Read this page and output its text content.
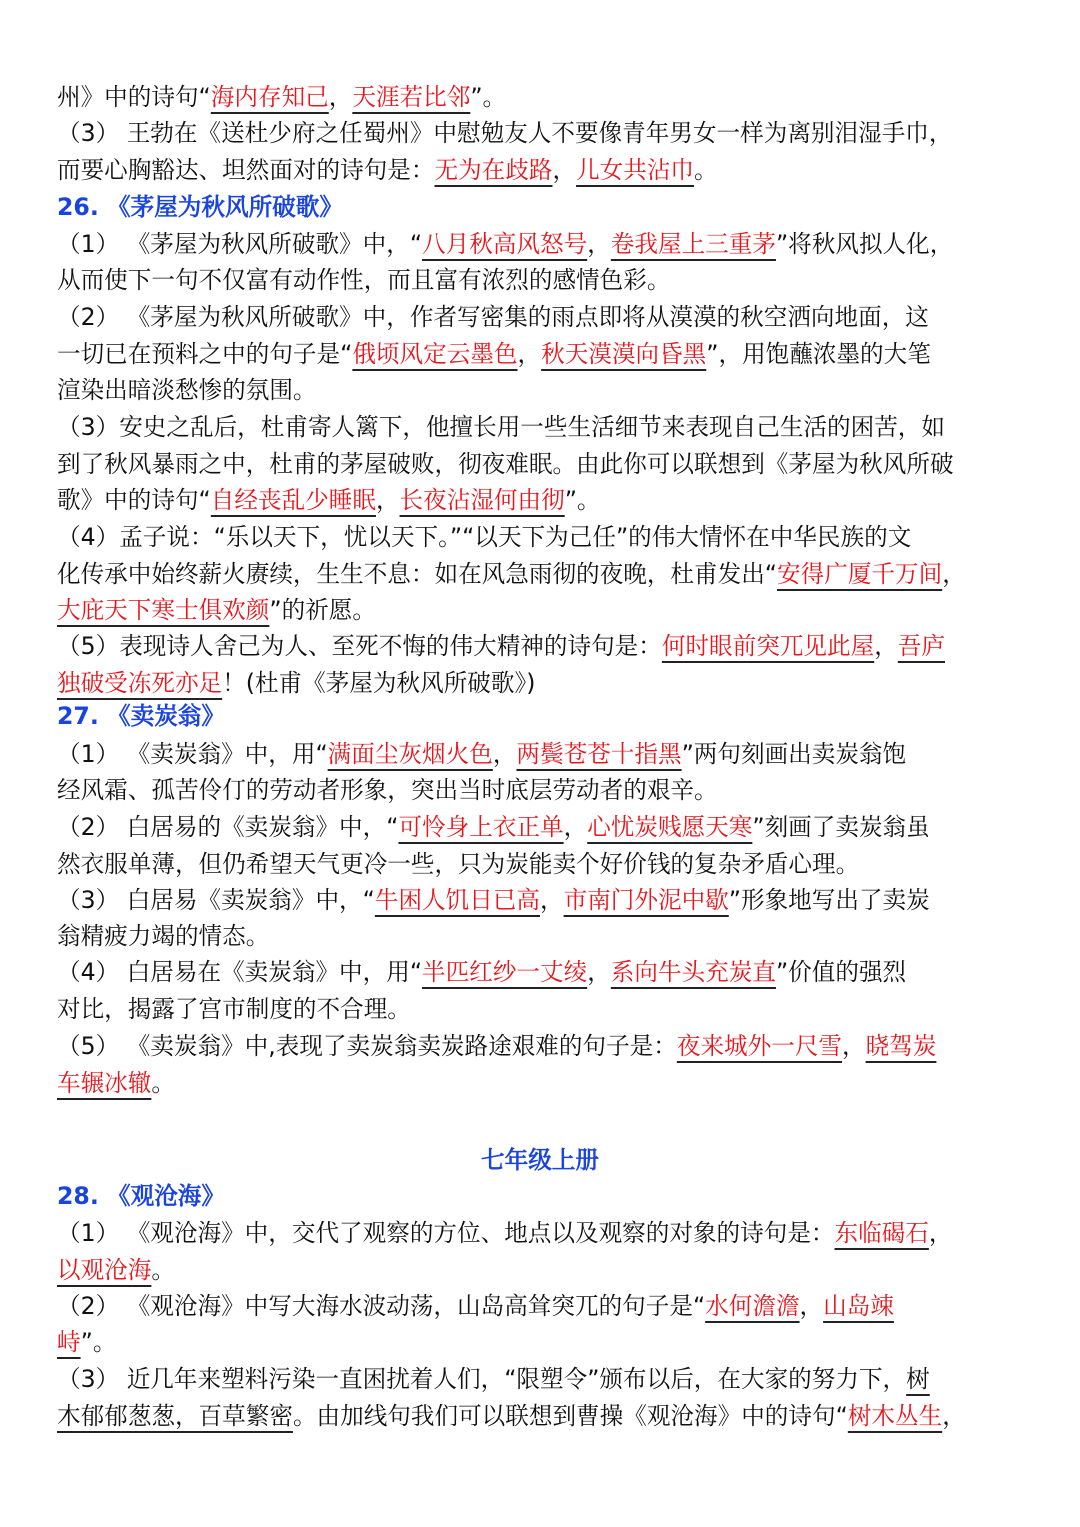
州》中的诗句“海内存知己，天涯若比邻”。
（3） 王勃在《送杜少府之任蜀州》中慰勉友人不要像青年男女一样为离别泪湿手巾，
而要心胸豁达、坦然面对的诗句是：无为在歧路，儿女共沾巾。
26. 《茅屋为秋风所破歌》
（1） 《茅屋为秋风所破歌》中，“八月秋高风怒号，卷我屋上三重茅”将秋风拟人化，
从而使下一句不仅富有动作性，而且富有浓烈的感情色彩。
（2） 《茅屋为秋风所破歌》中，作者写密集的雨点即将从漠漠的秋空洒向地面，这
一切已在预料之中的句子是“俄顷风定云墨色，秋天漠漠向昏黑”，用饱蘸浓墨的大笔
渲染出暗淡愁惨的氛围。
（3）安史之乱后，杜甫寄人篱下，他擅长用一些生活细节来表现自己生活的困苦，如
到了秋风暴雨之中，杜甫的茅屋破败，彻夜难眠。由此你可以联想到《茅屋为秋风所破
歌》中的诗句“自经丧乱少睡眠，长夜沾湿何由彻”。
（4）孟子说：“乐以天下，忧以天下。”“以天下为己任”的伟大情怀在中华民族的文
化传承中始终薪火赓续，生生不息：如在风急雨彻的夜晚，杜甫发出“安得广厦千万间，
大庇天下寒士俱欢颜”的祈愿。
（5）表现诗人舍己为人、至死不悔的伟大精神的诗句是：何时眼前突兀见此屋，吾庐
独破受冻死亦足！(杜甫《茅屋为秋风所破歌》)
27. 《卖炭翁》
（1） 《卖炭翁》中，用“满面尘灰烟火色，两鬓苍苍十指黑”两句刻画出卖炭翁饱
经风霜、孤苦伶仃的劳动者形象，突出当时底层劳动者的艰辛。
（2） 白居易的《卖炭翁》中，“可怜身上衣正单，心忧炭贱愿天寒”刻画了卖炭翁虽
然衣服单薄，但仍希望天气更冷一些，只为炭能卖个好价钱的复杂矛盾心理。
（3） 白居易《卖炭翁》中，“牛困人饥日已高，市南门外泥中歇”形象地写出了卖炭
翁精疲力竭的情态。
（4） 白居易在《卖炭翁》中，用“半匹红纱一丈绫，系向牛头充炭直”价值的强烈
对比，揭露了宫市制度的不合理。
（5） 《卖炭翁》中,表现了卖炭翁卖炭路途艰难的句子是：夜来城外一尺雪，晓驾炭
车辗冰辙。
七年级上册
28. 《观沧海》
（1） 《观沧海》中，交代了观察的方位、地点以及观察的对象的诗句是：东临碣石，
以观沧海。
（2） 《观沧海》中写大海水波动荡，山岛高耸突兀的句子是“水何澹澹，山岛竦
峙”。
（3） 近几年来塑料污染一直困扰着人们，“限塑令”颁布以后，在大家的努力下，树
木郁郁葱葱，百草繁密。由加线句我们可以联想到曹操《观沧海》中的诗句“树木丛生，
